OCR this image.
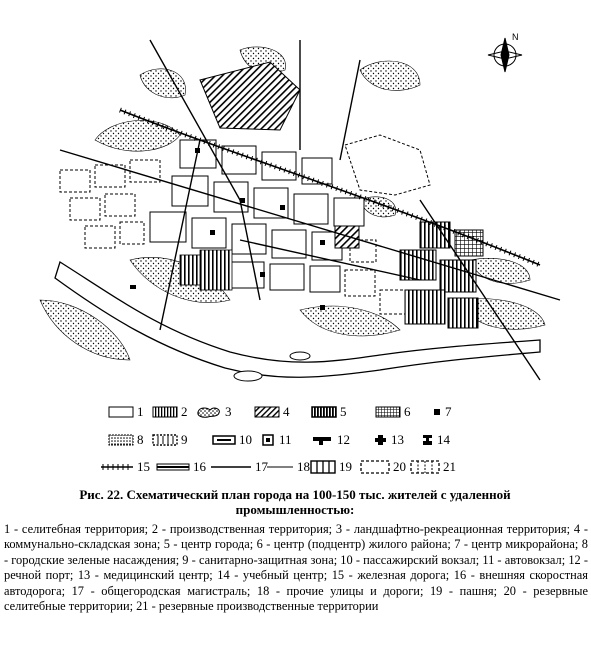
N
1	2	3	4	5	6	7
8	9	10 11	12	13	14
15	16	17 18 19	20	21
Рис. 22. Схематический план города на 100-150 тыс. жителей с удаленной промышленностью:
1 - селитебная территория; 2 - производственная территория; 3 - ландшафтно-рекреационная территория; 4 - коммунально-складская зона; 5 - центр города; 6 - центр (подцентр) жилого района; 7 - центр микрорайона; 8 - городские зеленые насаждения; 9 - санитарно-защитная зона; 10 - пассажирский вокзал; 11 - автовокзал; 12 - речной порт; 13 - медицинский центр; 14 - учебный центр; 15 - железная дорога; 16 - внешняя скоростная автодорога; 17 - общегородская магистраль; 18 - прочие улицы и дороги; 19 - пашня; 20 - резервные селитебные территории; 21 - резервные производственные территории
